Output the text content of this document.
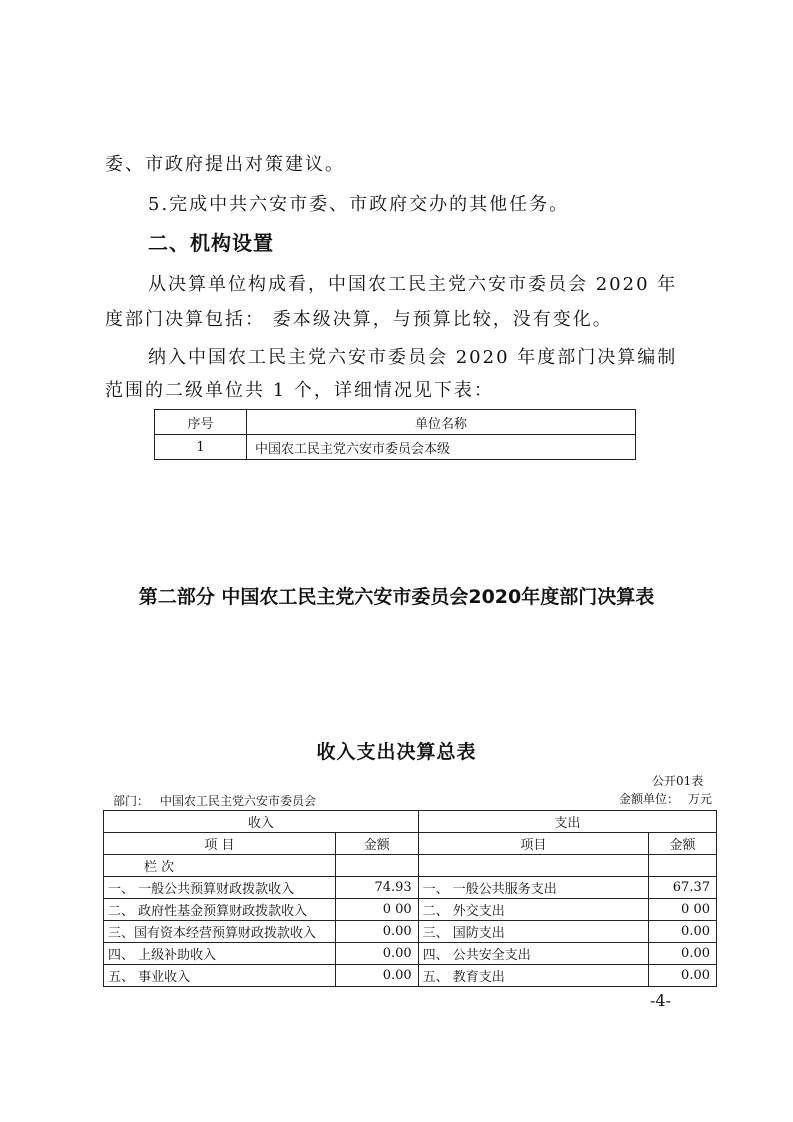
委、市政府提出对策建议。
5.完成中共六安市委、市政府交办的其他任务。
二、机构设置
从决算单位构成看，中国农工民主党六安市委员会 2020 年
度部门决算包括： 委本级决算，与预算比较，没有变化。
纳入中国农工民主党六安市委员会 2020 年度部门决算编制
范围的二级单位共 1 个，详细情况见下表：
序号	单位名称
1	中国农工民主党六安市委员会本级
第二部分 中国农工民主党六安市委员会2020年度部门决算表
收入支出决算总表
公开01表
部门： 中国农工民主党六安市委员会	金额单位： 万元
收入		支出	
项 目	金额	项目	金额
栏 次			
一、 一般公共预算财政拨款收入	74.93	一、 一般公共服务支出	67.37
二、 政府性基金预算财政拨款收入	0 00	二、 外交支出	0 00
三、国有资本经营预算财政拨款收入	0.00	三、 国防支出	0.00
四、 上级补助收入	0.00	四、 公共安全支出	0.00
五、 事业收入	0.00	五、 教育支出	0.00
-4-
